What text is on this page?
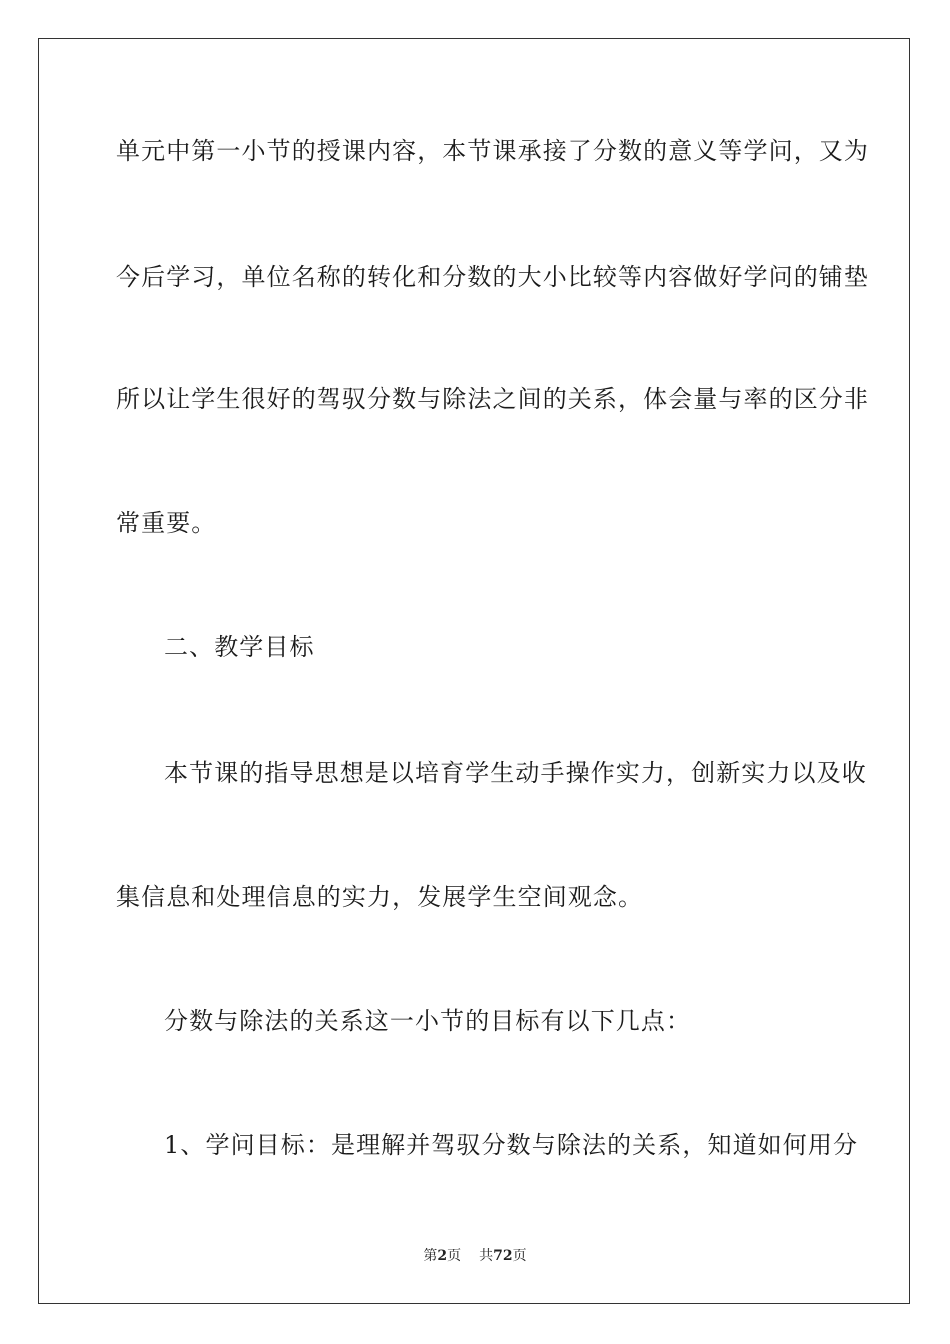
单元中第一小节的授课内容，本节课承接了分数的意义等学问，又为
今后学习，单位名称的转化和分数的大小比较等内容做好学问的铺垫
所以让学生很好的驾驭分数与除法之间的关系，体会量与率的区分非
常重要。
二、教学目标
本节课的指导思想是以培育学生动手操作实力，创新实力以及收
集信息和处理信息的实力，发展学生空间观念。
分数与除法的关系这一小节的目标有以下几点：
1、学问目标：是理解并驾驭分数与除法的关系，知道如何用分
第2页 共72页
